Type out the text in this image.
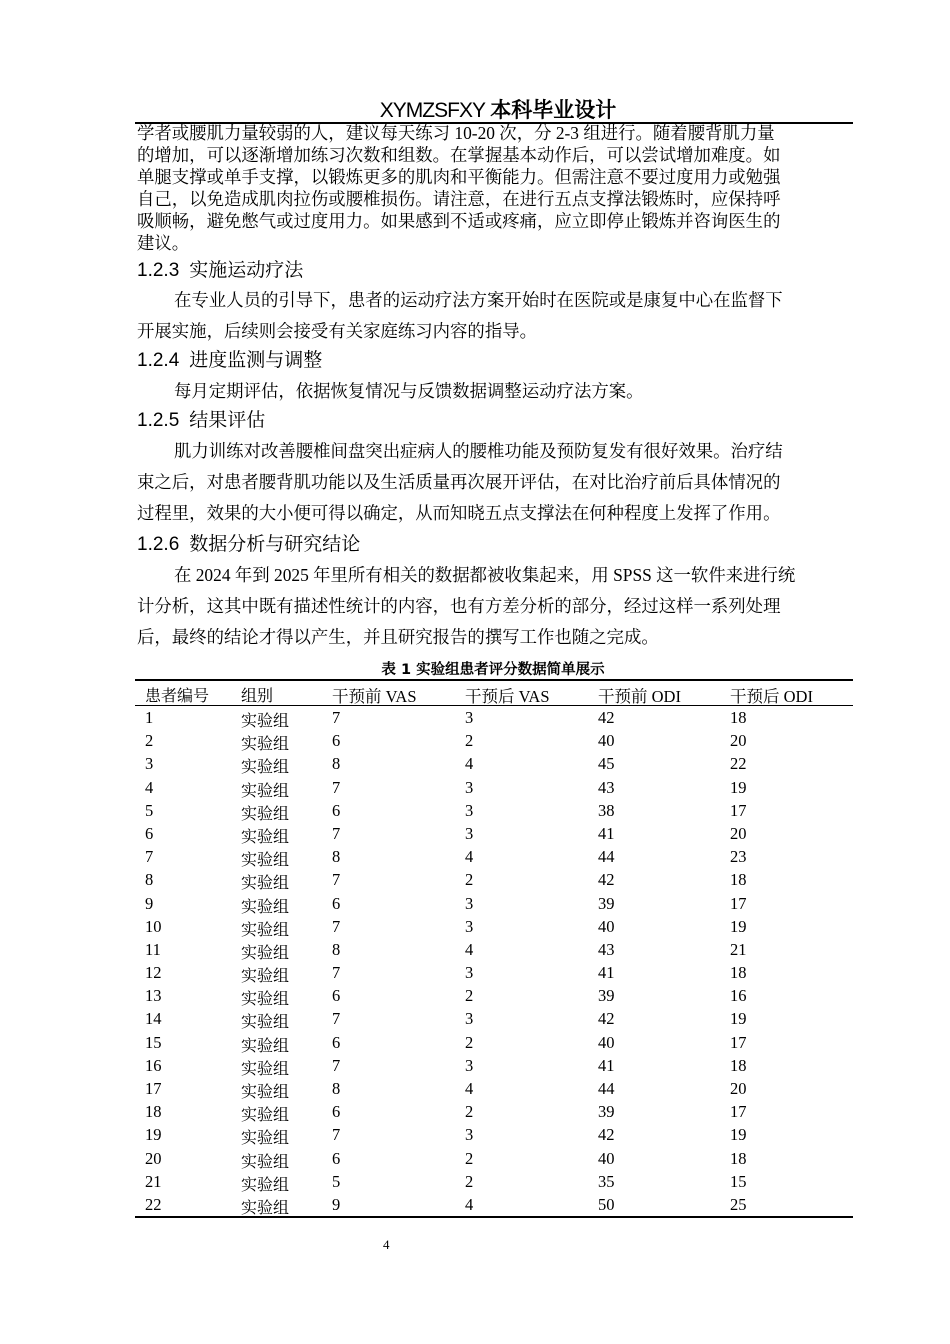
XYMZSFXY 本科毕业设计
学者或腰肌力量较弱的人，建议每天练习 10-20 次，分 2-3 组进行。随着腰背肌力量
的增加，可以逐渐增加练习次数和组数。在掌握基本动作后，可以尝试增加难度。如
单腿支撑或单手支撑，以锻炼更多的肌肉和平衡能力。但需注意不要过度用力或勉强
自己，以免造成肌肉拉伤或腰椎损伤。请注意，在进行五点支撑法锻炼时，应保持呼
吸顺畅，避免憋气或过度用力。如果感到不适或疼痛，应立即停止锻炼并咨询医生的
建议。
1.2.3 实施运动疗法
在专业人员的引导下，患者的运动疗法方案开始时在医院或是康复中心在监督下
开展实施，后续则会接受有关家庭练习内容的指导。
1.2.4 进度监测与调整
每月定期评估，依据恢复情况与反馈数据调整运动疗法方案。
1.2.5 结果评估
肌力训练对改善腰椎间盘突出症病人的腰椎功能及预防复发有很好效果。治疗结
束之后，对患者腰背肌功能以及生活质量再次展开评估，在对比治疗前后具体情况的
过程里，效果的大小便可得以确定，从而知晓五点支撑法在何种程度上发挥了作用。
1.2.6 数据分析与研究结论
在 2024 年到 2025 年里所有相关的数据都被收集起来，用 SPSS 这一软件来进行统
计分析，这其中既有描述性统计的内容，也有方差分析的部分，经过这样一系列处理
后，最终的结论才得以产生，并且研究报告的撰写工作也随之完成。
表 1 实验组患者评分数据简单展示
患者编号 组别	干预前 VAS	干预后 VAS	干预前 ODI	干预后 ODI
1	实验组	7	3	42	18
2	实验组	6	2	40	20
3	实验组	8	4	45	22
4	实验组	7	3	43	19
5	实验组	6	3	38	17
6	实验组	7	3	41	20
7	实验组	8	4	44	23
8	实验组	7	2	42	18
9	实验组	6	3	39	17
10	实验组	7	3	40	19
11	实验组	8	4	43	21
12	实验组	7	3	41	18
13	实验组	6	2	39	16
14	实验组	7	3	42	19
15	实验组	6	2	40	17
16	实验组	7	3	41	18
17	实验组	8	4	44	20
18	实验组	6	2	39	17
19	实验组	7	3	42	19
20	实验组	6	2	40	18
21	实验组	5	2	35	15
22	实验组	9	4	50	25
4
